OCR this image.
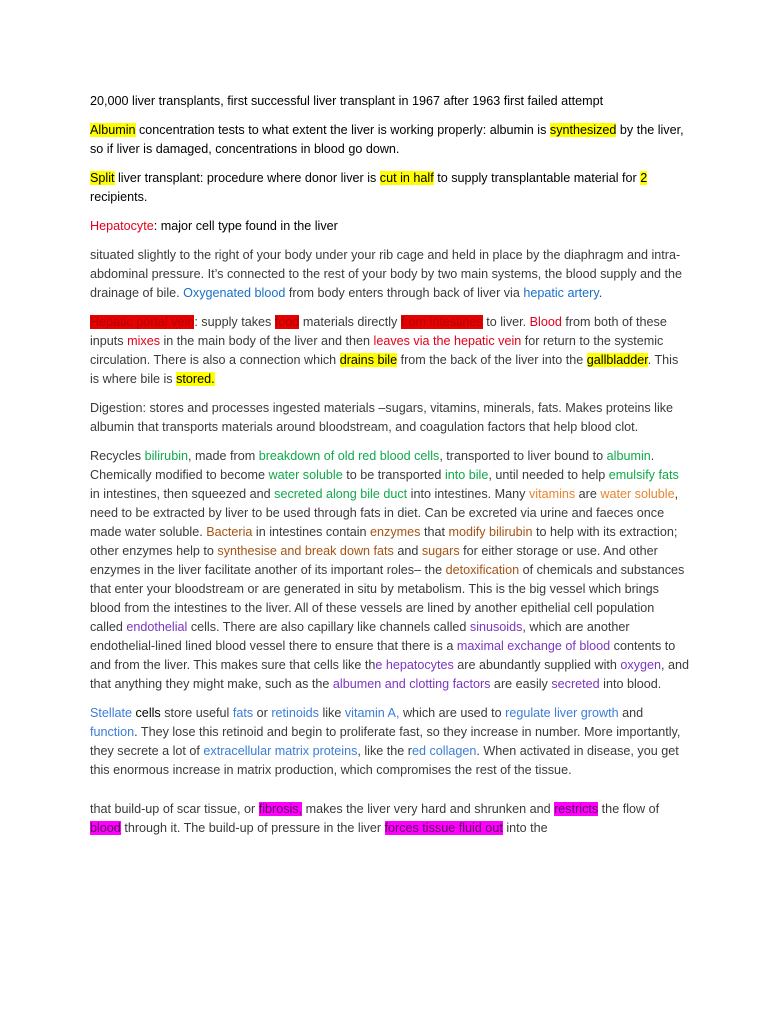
20,000 liver transplants, first successful liver transplant in 1967 after 1963 first failed attempt

Albumin concentration tests to what extent the liver is working properly: albumin is synthesized by the liver, so if liver is damaged, concentrations in blood go down.

Split liver transplant: procedure where donor liver is cut in half to supply transplantable material for 2 recipients.

Hepatocyte: major cell type found in the liver

situated slightly to the right of your body under your rib cage and held in place by the diaphragm and intra-abdominal pressure. It’s connected to the rest of your body by two main systems, the blood supply and the drainage of bile. Oxygenated blood from body enters through back of liver via hepatic artery.

Hepatic portal vein: supply takes food materials directly from intestines to liver. Blood from both of these inputs mixes in the main body of the liver and then leaves via the hepatic vein for return to the systemic circulation. There is also a connection which drains bile from the back of the liver into the gallbladder. This is where bile is stored.

Digestion: stores and processes ingested materials –sugars, vitamins, minerals, fats. Makes proteins like albumin that transports materials around bloodstream, and coagulation factors that help blood clot.

Recycles bilirubin, made from breakdown of old red blood cells, transported to liver bound to albumin. Chemically modified to become water soluble to be transported into bile, until needed to help emulsify fats in intestines, then squeezed and secreted along bile duct into intestines. Many vitamins are water soluble, need to be extracted by liver to be used through fats in diet. Can be excreted via urine and faeces once made water soluble. Bacteria in intestines contain enzymes that modify bilirubin to help with its extraction; other enzymes help to synthesise and break down fats and sugars for either storage or use. And other enzymes in the liver facilitate another of its important roles– the detoxification of chemicals and substances that enter your bloodstream or are generated in situ by metabolism. This is the big vessel which brings blood from the intestines to the liver. All of these vessels are lined by another epithelial cell population called endothelial cells. There are also capillary like channels called sinusoids, which are another endothelial-lined lined blood vessel there to ensure that there is a maximal exchange of blood contents to and from the liver. This makes sure that cells like the hepatocytes are abundantly supplied with oxygen, and that anything they might make, such as the albumen and clotting factors are easily secreted into blood.

Stellate cells store useful fats or retinoids like vitamin A, which are used to regulate liver growth and function. They lose this retinoid and begin to proliferate fast, so they increase in number. More importantly, they secrete a lot of extracellular matrix proteins, like the red collagen. When activated in disease, you get this enormous increase in matrix production, which compromises the rest of the tissue.

that build-up of scar tissue, or fibrosis, makes the liver very hard and shrunken and restricts the flow of blood through it. The build-up of pressure in the liver forces tissue fluid out into the
